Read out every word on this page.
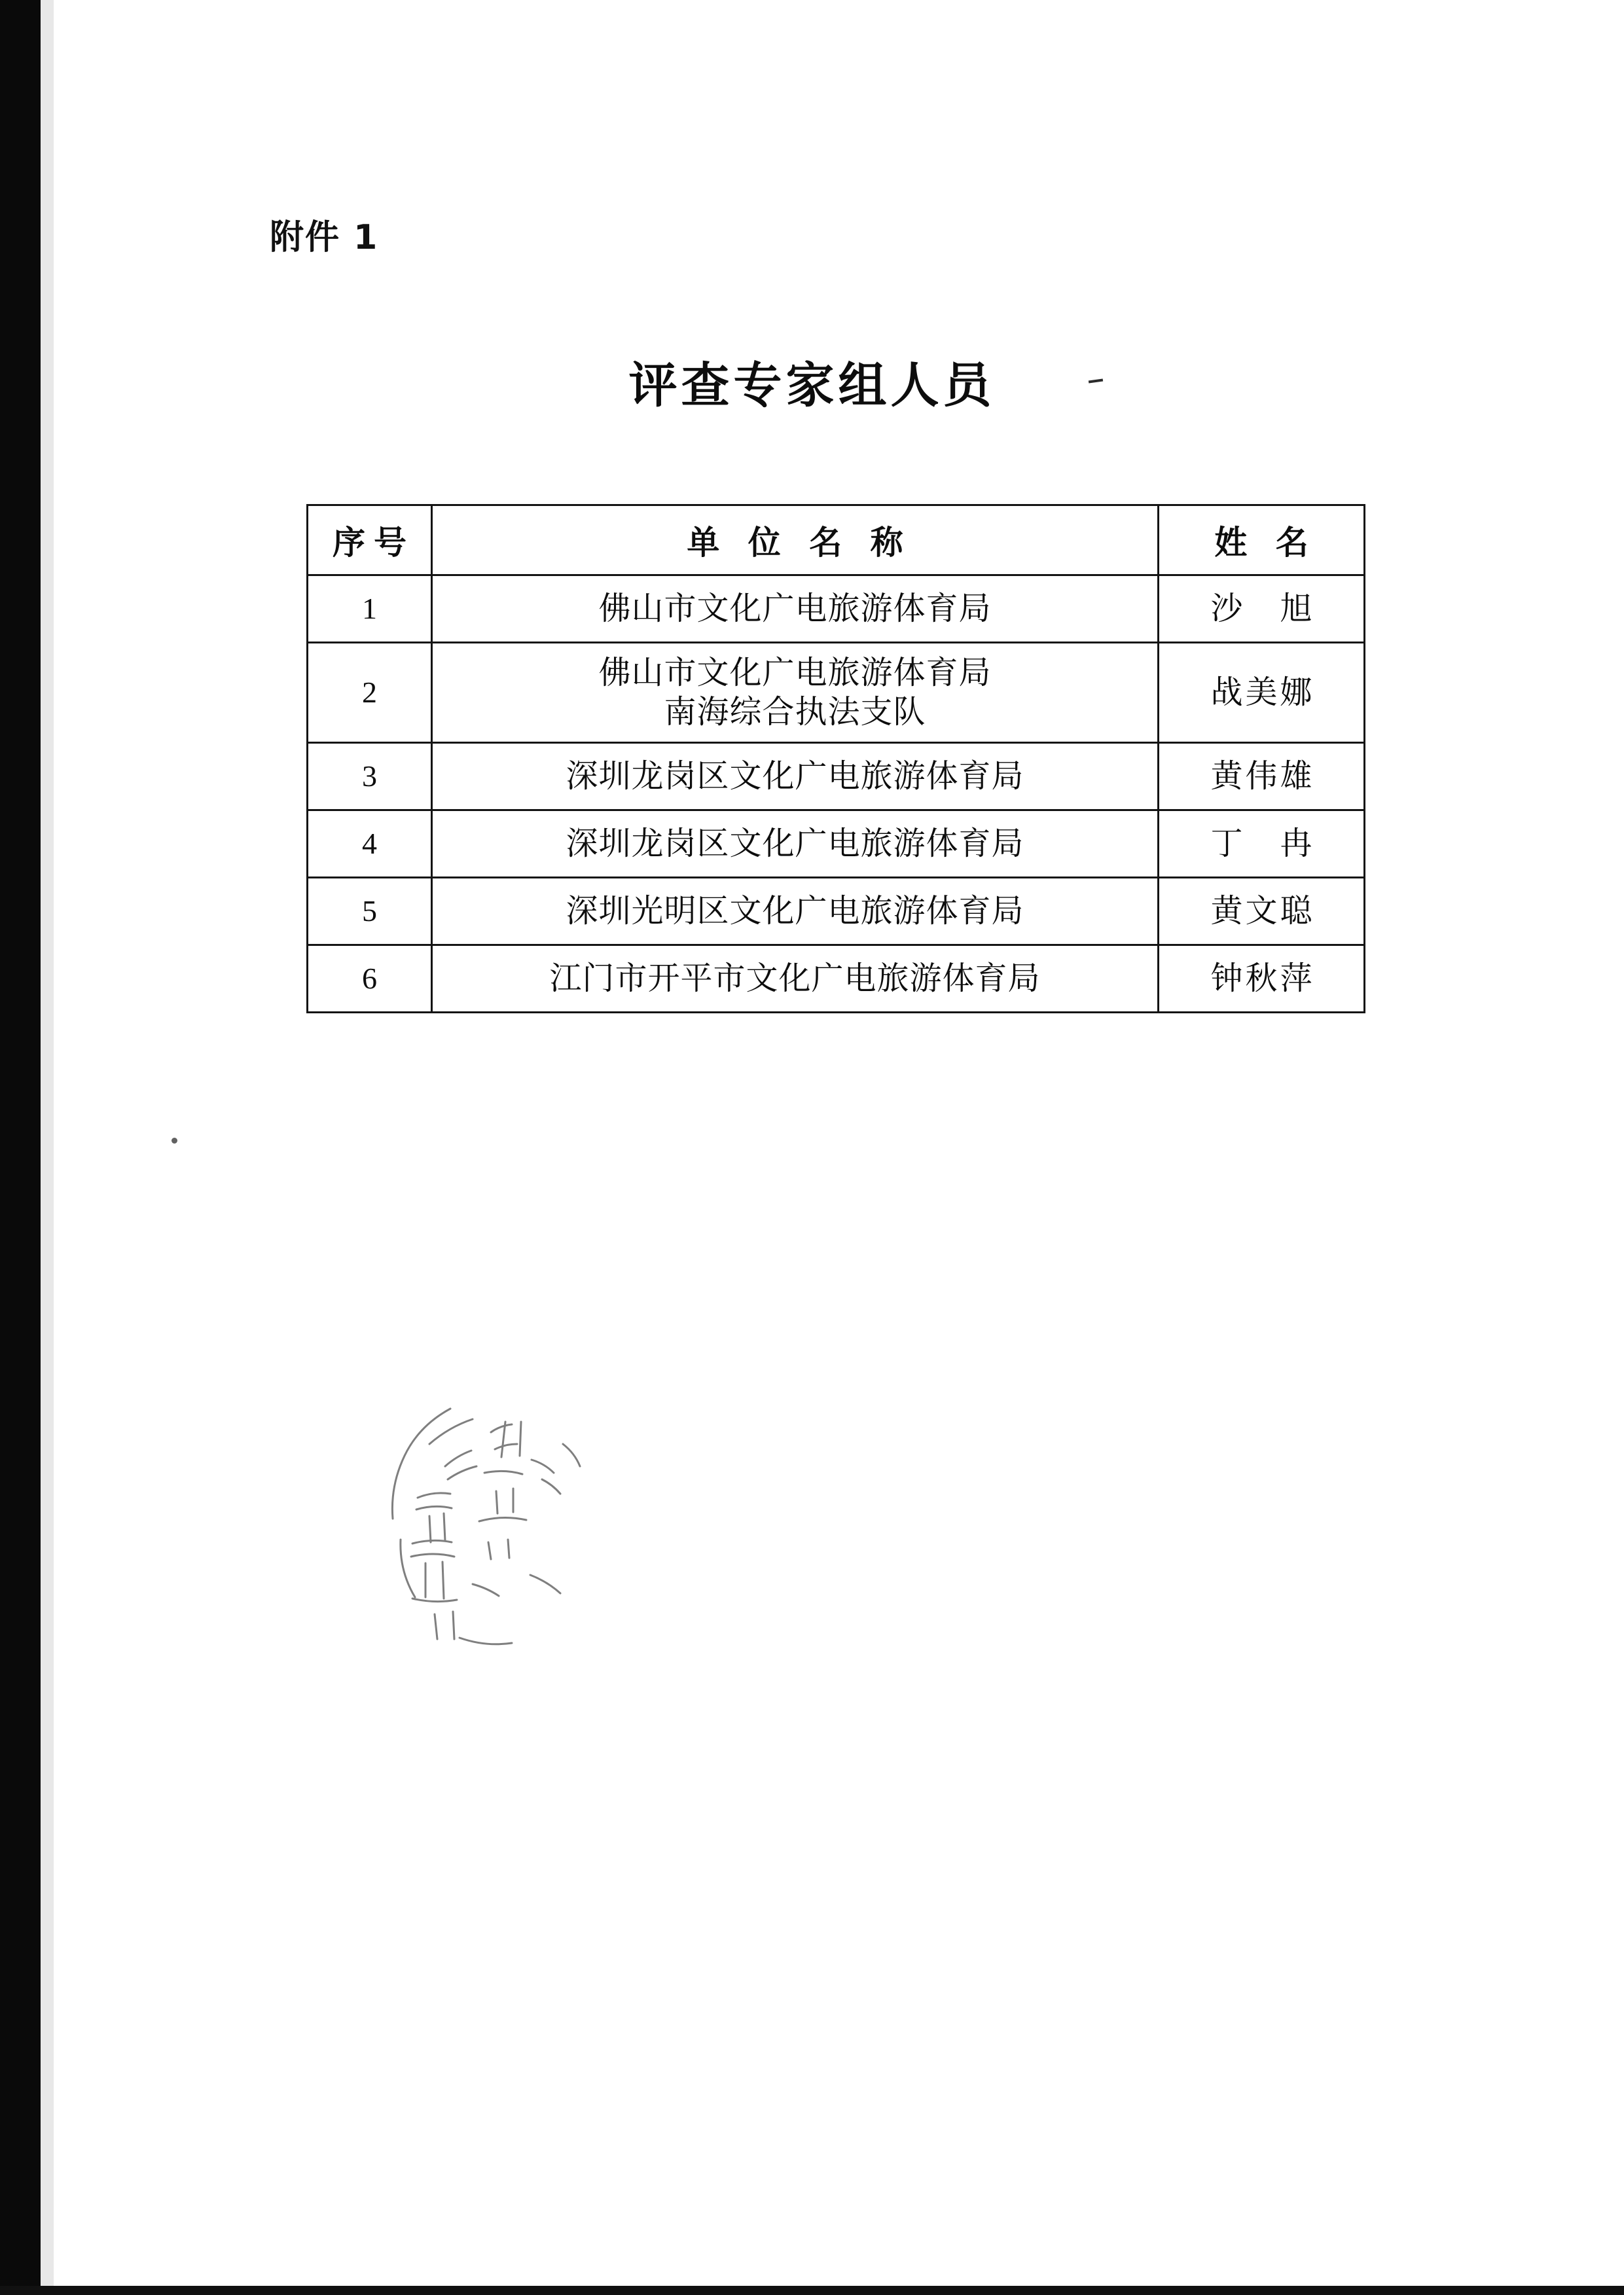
附件 1
评查专家组人员
序号	单 位 名 称	姓 名
1	佛山市文化广电旅游体育局	沙　旭
2	佛山市文化广电旅游体育局
南海综合执法支队	战美娜
3	深圳龙岗区文化广电旅游体育局	黄伟雄
4	深圳龙岗区文化广电旅游体育局	丁　冉
5	深圳光明区文化广电旅游体育局	黄文聪
6	江门市开平市文化广电旅游体育局	钟秋萍
